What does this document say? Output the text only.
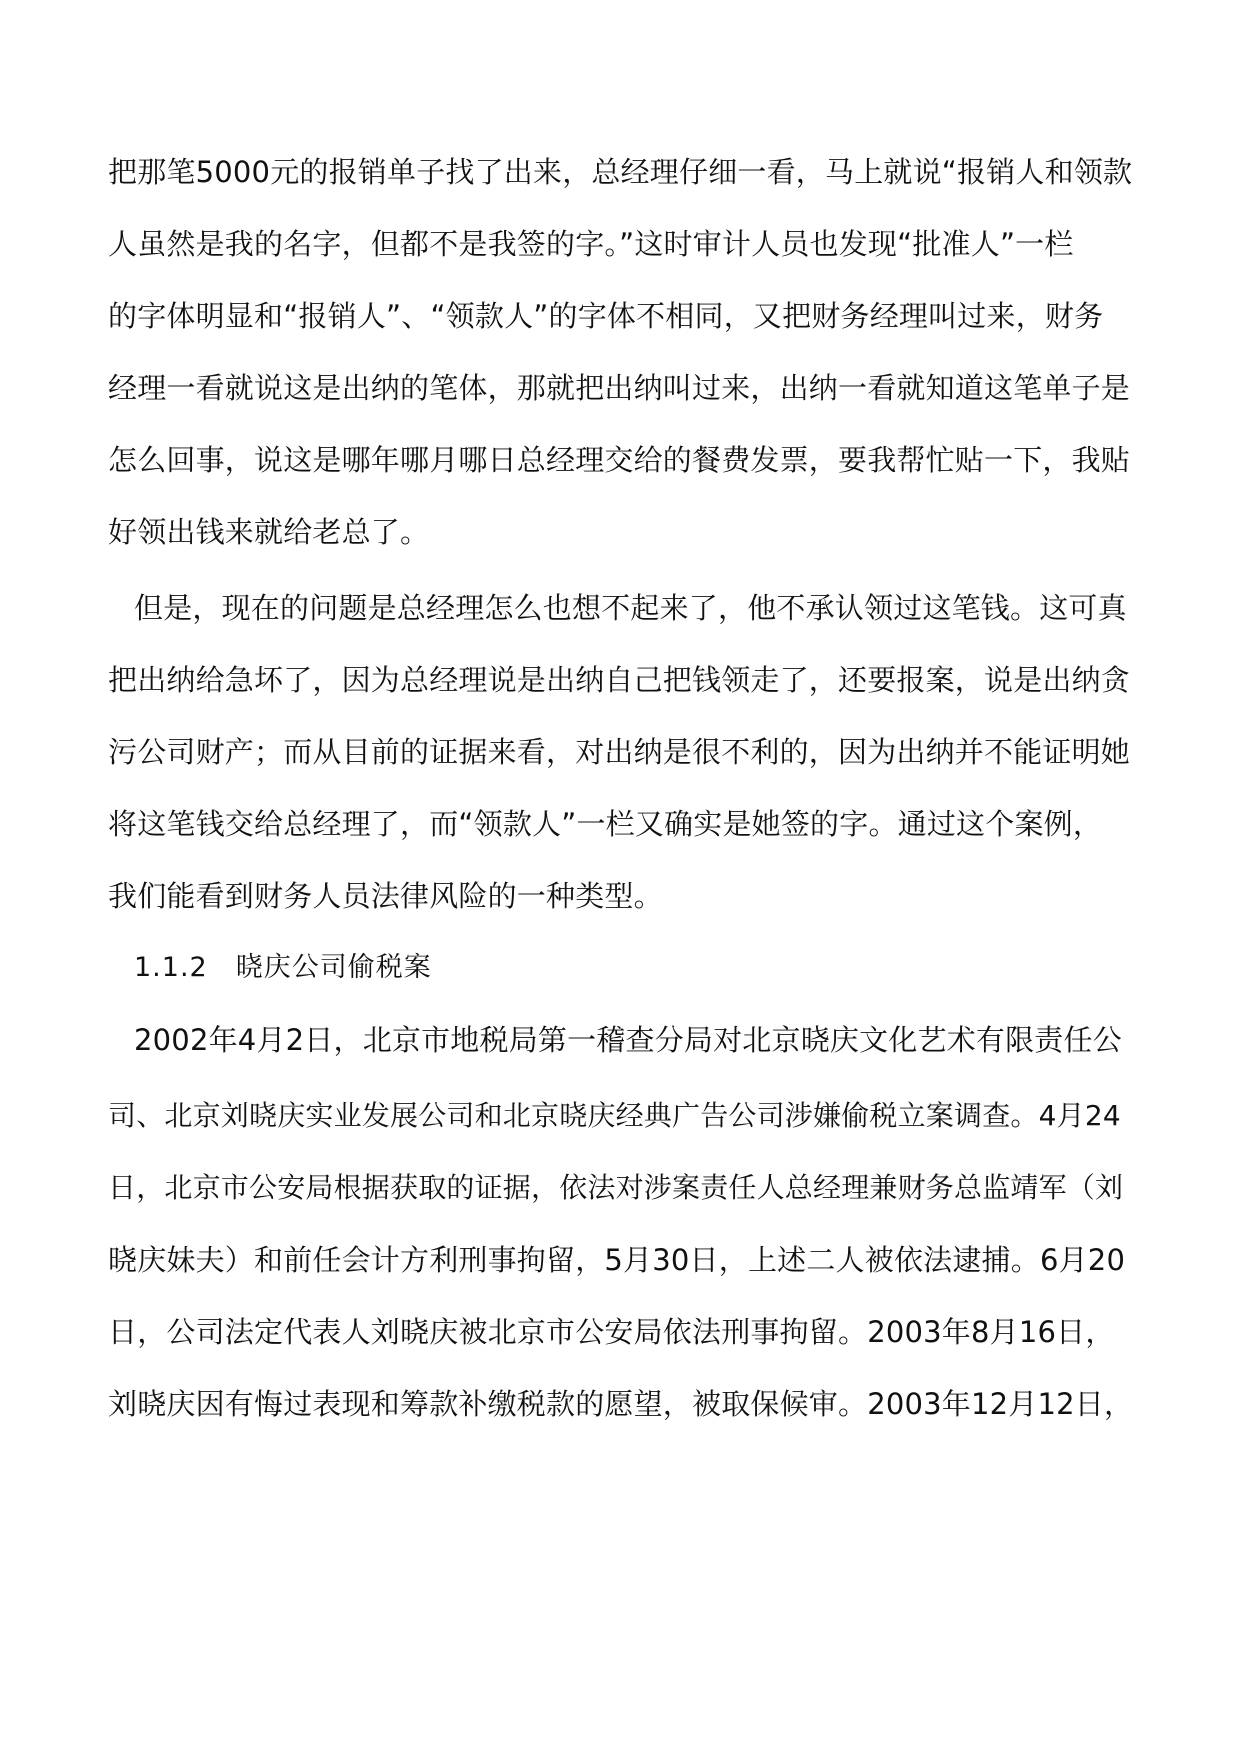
把那笔5000元的报销单子找了出来，总经理仔细一看，马上就说“报销人和领款
人虽然是我的名字，但都不是我签的字。”这时审计人员也发现“批准人”一栏
的字体明显和“报销人”、“领款人”的字体不相同，又把财务经理叫过来，财务
经理一看就说这是出纳的笔体，那就把出纳叫过来，出纳一看就知道这笔单子是
怎么回事，说这是哪年哪月哪日总经理交给的餐费发票，要我帮忙贴一下，我贴
好领出钱来就给老总了。
但是，现在的问题是总经理怎么也想不起来了，他不承认领过这笔钱。这可真
把出纳给急坏了，因为总经理说是出纳自己把钱领走了，还要报案，说是出纳贪
污公司财产；而从目前的证据来看，对出纳是很不利的，因为出纳并不能证明她
将这笔钱交给总经理了，而“领款人”一栏又确实是她签的字。通过这个案例，
我们能看到财务人员法律风险的一种类型。
1.1.2　晓庆公司偷税案
2002年4月2日，北京市地税局第一稽查分局对北京晓庆文化艺术有限责任公
司、北京刘晓庆实业发展公司和北京晓庆经典广告公司涉嫌偷税立案调查。4月24
日，北京市公安局根据获取的证据，依法对涉案责任人总经理兼财务总监靖军（刘
晓庆妹夫）和前任会计方利刑事拘留，5月30日，上述二人被依法逮捕。6月20
日，公司法定代表人刘晓庆被北京市公安局依法刑事拘留。2003年8月16日，
刘晓庆因有悔过表现和筹款补缴税款的愿望，被取保候审。2003年12月12日，
